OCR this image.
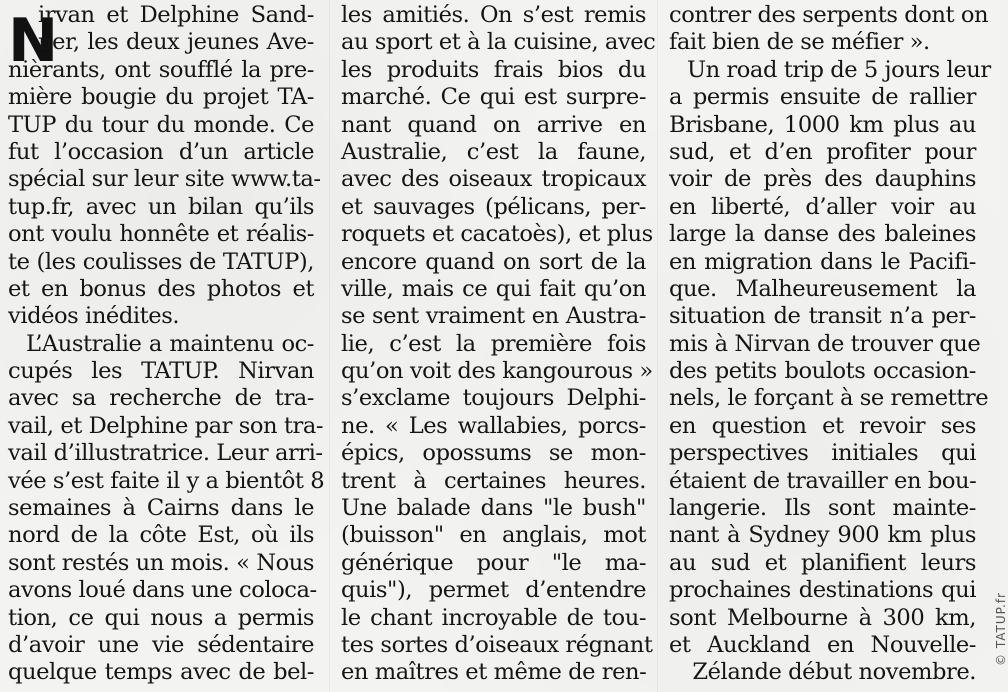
N
irvan et Delphine Sand-
ner, les deux jeunes Ave-
nièrants, ont soufflé la pre-
mière bougie du projet TA-
TUP du tour du monde. Ce
fut l’occasion d’un article
spécial sur leur site www.ta-
tup.fr, avec un bilan qu’ils
ont voulu honnête et réalis-
te (les coulisses de TATUP),
et en bonus des photos et
vidéos inédites.
L’Australie a maintenu oc-
cupés les TATUP. Nirvan
avec sa recherche de tra-
vail, et Delphine par son tra-
vail d’illustratrice. Leur arri-
vée s’est faite il y a bientôt 8
semaines à Cairns dans le
nord de la côte Est, où ils
sont restés un mois. « Nous
avons loué dans une coloca-
tion, ce qui nous a permis
d’avoir une vie sédentaire
quelque temps avec de bel-
les amitiés. On s’est remis
au sport et à la cuisine, avec
les produits frais bios du
marché. Ce qui est surpre-
nant quand on arrive en
Australie, c’est la faune,
avec des oiseaux tropicaux
et sauvages (pélicans, per-
roquets et cacatoès), et plus
encore quand on sort de la
ville, mais ce qui fait qu’on
se sent vraiment en Austra-
lie, c’est la première fois
qu’on voit des kangourous »
s’exclame toujours Delphi-
ne. « Les wallabies, porcs-
épics, opossums se mon-
trent à certaines heures.
Une balade dans "le bush"
(buisson" en anglais, mot
générique pour "le ma-
quis"), permet d’entendre
le chant incroyable de tou-
tes sortes d’oiseaux régnant
en maîtres et même de ren-
contrer des serpents dont on
fait bien de se méfier ».
Un road trip de 5 jours leur
a permis ensuite de rallier
Brisbane, 1000 km plus au
sud, et d’en profiter pour
voir de près des dauphins
en liberté, d’aller voir au
large la danse des baleines
en migration dans le Pacifi-
que. Malheureusement la
situation de transit n’a per-
mis à Nirvan de trouver que
des petits boulots occasion-
nels, le forçant à se remettre
en question et revoir ses
perspectives initiales qui
étaient de travailler en bou-
langerie. Ils sont mainte-
nant à Sydney 900 km plus
au sud et planifient leurs
prochaines destinations qui
sont Melbourne à 300 km,
et Auckland en Nouvelle-
Zélande début novembre.
© TATUP.fr
